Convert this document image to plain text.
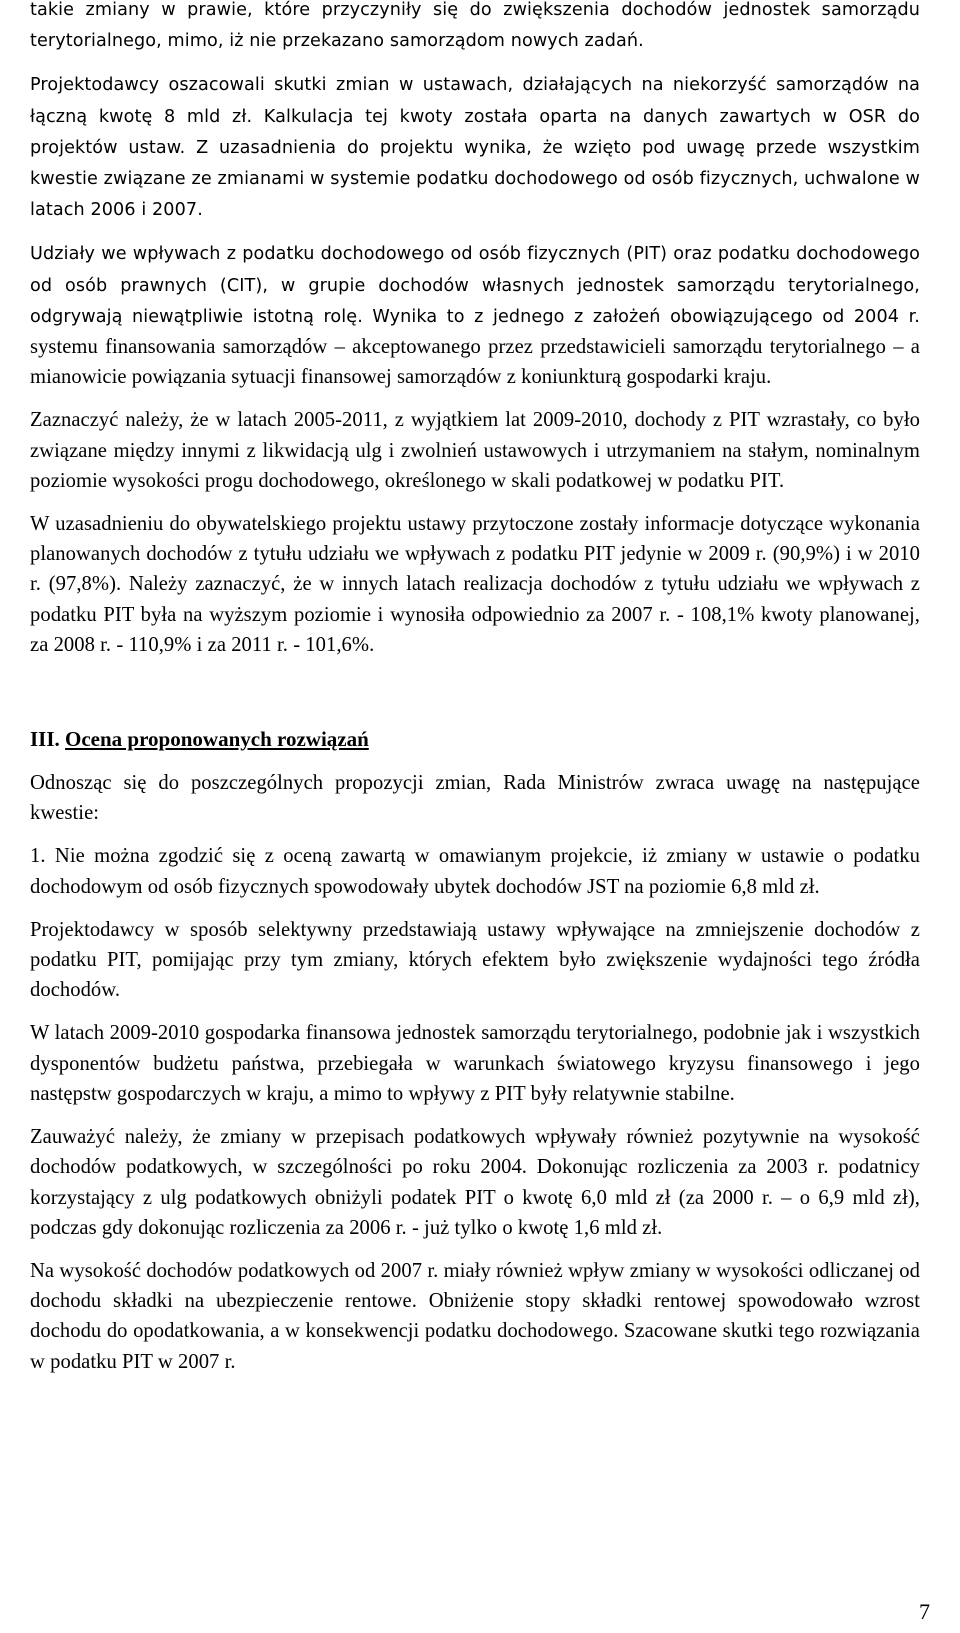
takie zmiany w prawie, które przyczyniły się do zwiększenia dochodów jednostek samorządu terytorialnego, mimo, iż nie przekazano samorządom nowych zadań.

Projektodawcy oszacowali skutki zmian w ustawach, działających na niekorzyść samorządów na łączną kwotę 8 mld zł. Kalkulacja tej kwoty została oparta na danych zawartych w OSR do projektów ustaw. Z uzasadnienia do projektu wynika, że wzięto pod uwagę przede wszystkim kwestie związane ze zmianami w systemie podatku dochodowego od osób fizycznych, uchwalone w latach 2006 i 2007.

Udziały we wpływach z podatku dochodowego od osób fizycznych (PIT) oraz podatku dochodowego od osób prawnych (CIT), w grupie dochodów własnych jednostek samorządu terytorialnego, odgrywają niewątpliwie istotną rolę. Wynika to z jednego z założeń obowiązującego od 2004 r. systemu finansowania samorządów – akceptowanego przez przedstawicieli samorządu terytorialnego – a mianowicie powiązania sytuacji finansowej samorządów z koniunkturą gospodarki kraju.

Zaznaczyć należy, że w latach 2005-2011, z wyjątkiem lat 2009-2010, dochody z PIT wzrastały, co było związane między innymi z likwidacją ulg i zwolnień ustawowych i utrzymaniem na stałym, nominalnym poziomie wysokości progu dochodowego, określonego w skali podatkowej w podatku PIT.

W uzasadnieniu do obywatelskiego projektu ustawy przytoczone zostały informacje dotyczące wykonania planowanych dochodów z tytułu udziału we wpływach z podatku PIT jedynie w 2009 r. (90,9%) i w 2010 r. (97,8%). Należy zaznaczyć, że w innych latach realizacja dochodów z tytułu udziału we wpływach z podatku PIT była na wyższym poziomie i wynosiła odpowiednio za 2007 r. - 108,1% kwoty planowanej, za 2008 r. - 110,9% i za 2011 r. - 101,6%.

III. Ocena proponowanych rozwiązań

Odnosząc się do poszczególnych propozycji zmian, Rada Ministrów zwraca uwagę na następujące kwestie:

1. Nie można zgodzić się z oceną zawartą w omawianym projekcie, iż zmiany w ustawie o podatku dochodowym od osób fizycznych spowodowały ubytek dochodów JST na poziomie 6,8 mld zł.

Projektodawcy w sposób selektywny przedstawiają ustawy wpływające na zmniejszenie dochodów z podatku PIT, pomijając przy tym zmiany, których efektem było zwiększenie wydajności tego źródła dochodów.

W latach 2009-2010 gospodarka finansowa jednostek samorządu terytorialnego, podobnie jak i wszystkich dysponentów budżetu państwa, przebiegała w warunkach światowego kryzysu finansowego i jego następstw gospodarczych w kraju, a mimo to wpływy z PIT były relatywnie stabilne.

Zauważyć należy, że zmiany w przepisach podatkowych wpływały również pozytywnie na wysokość dochodów podatkowych, w szczególności po roku 2004. Dokonując rozliczenia za 2003 r. podatnicy korzystający z ulg podatkowych obniżyli podatek PIT o kwotę 6,0 mld zł (za 2000 r. – o 6,9 mld zł), podczas gdy dokonując rozliczenia za 2006 r. - już tylko o kwotę 1,6 mld zł.

Na wysokość dochodów podatkowych od 2007 r. miały również wpływ zmiany w wysokości odliczanej od dochodu składki na ubezpieczenie rentowe. Obniżenie stopy składki rentowej spowodowało wzrost dochodu do opodatkowania, a w konsekwencji podatku dochodowego. Szacowane skutki tego rozwiązania w podatku PIT w 2007 r.

7
